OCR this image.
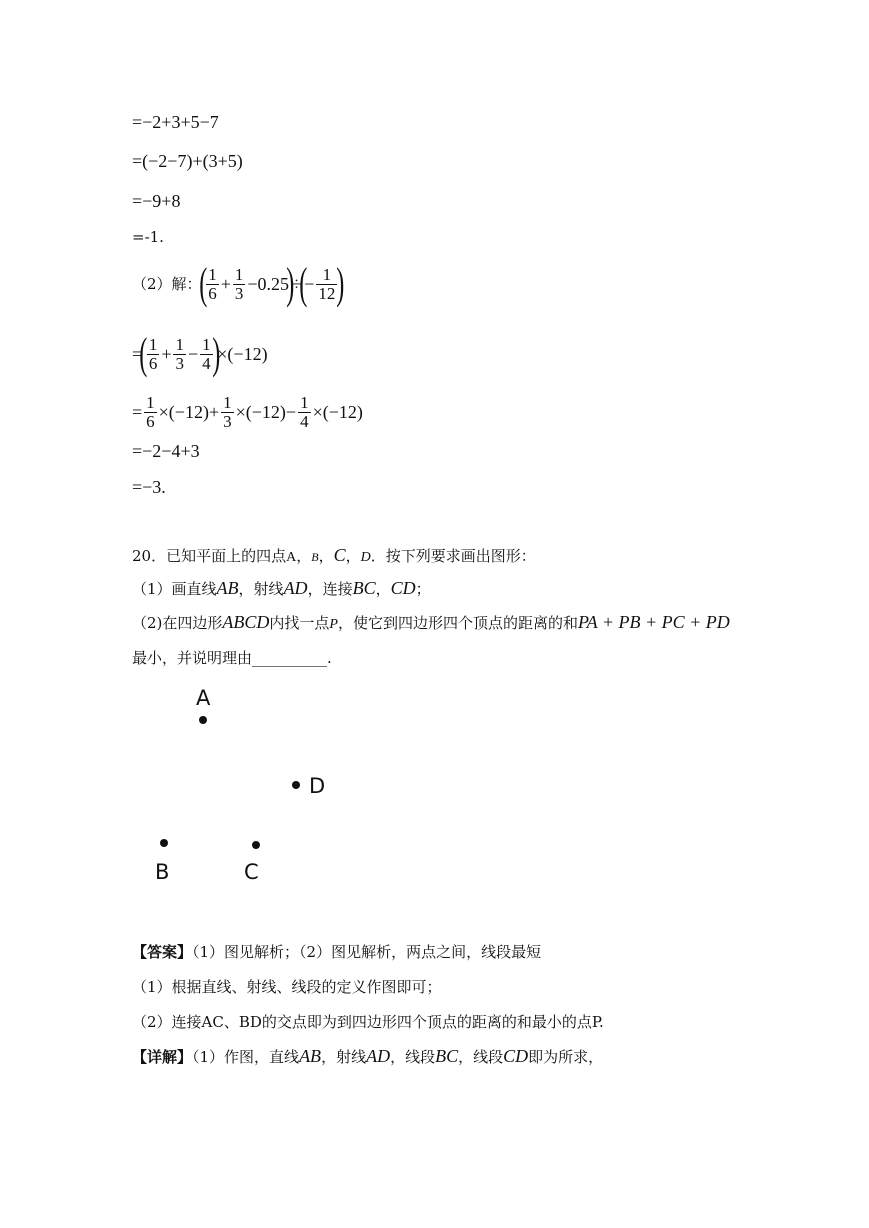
=−2+3+5−7
=(−2−7)+(3+5)
=−9+8
=-1.
（2）解：
( $\frac{1}{6} + \frac{1}{3} -0.25$
)
÷
(
− $\frac{1}{12}$ )
=
( $\frac{1}{6} + \frac{1}{3} - \frac{1}{4}$ )
×(−12)
= $\frac{1}{6} \times(-12)+ \frac{1}{3} \times(-12)- \frac{1}{4} \times(-12)$
=−2−4+3
=−3.
20．已知平面上的四点A，B，C，D．按下列要求画出图形：
（1）画直线AB，射线AD，连接BC，CD；
（2)在四边形ABCD内找一点P，使它到四边形四个顶点的距离的和PA + PB + PC + PD
最小，并说明理由__________.
A
D
B	C
【答案】（1）图见解析；（2）图见解析，两点之间，线段最短
（1）根据直线、射线、线段的定义作图即可；
（2）连接AC、BD的交点即为到四边形四个顶点的距离的和最小的点P.
【详解】（1）作图，直线AB，射线AD，线段BC，线段CD即为所求，
